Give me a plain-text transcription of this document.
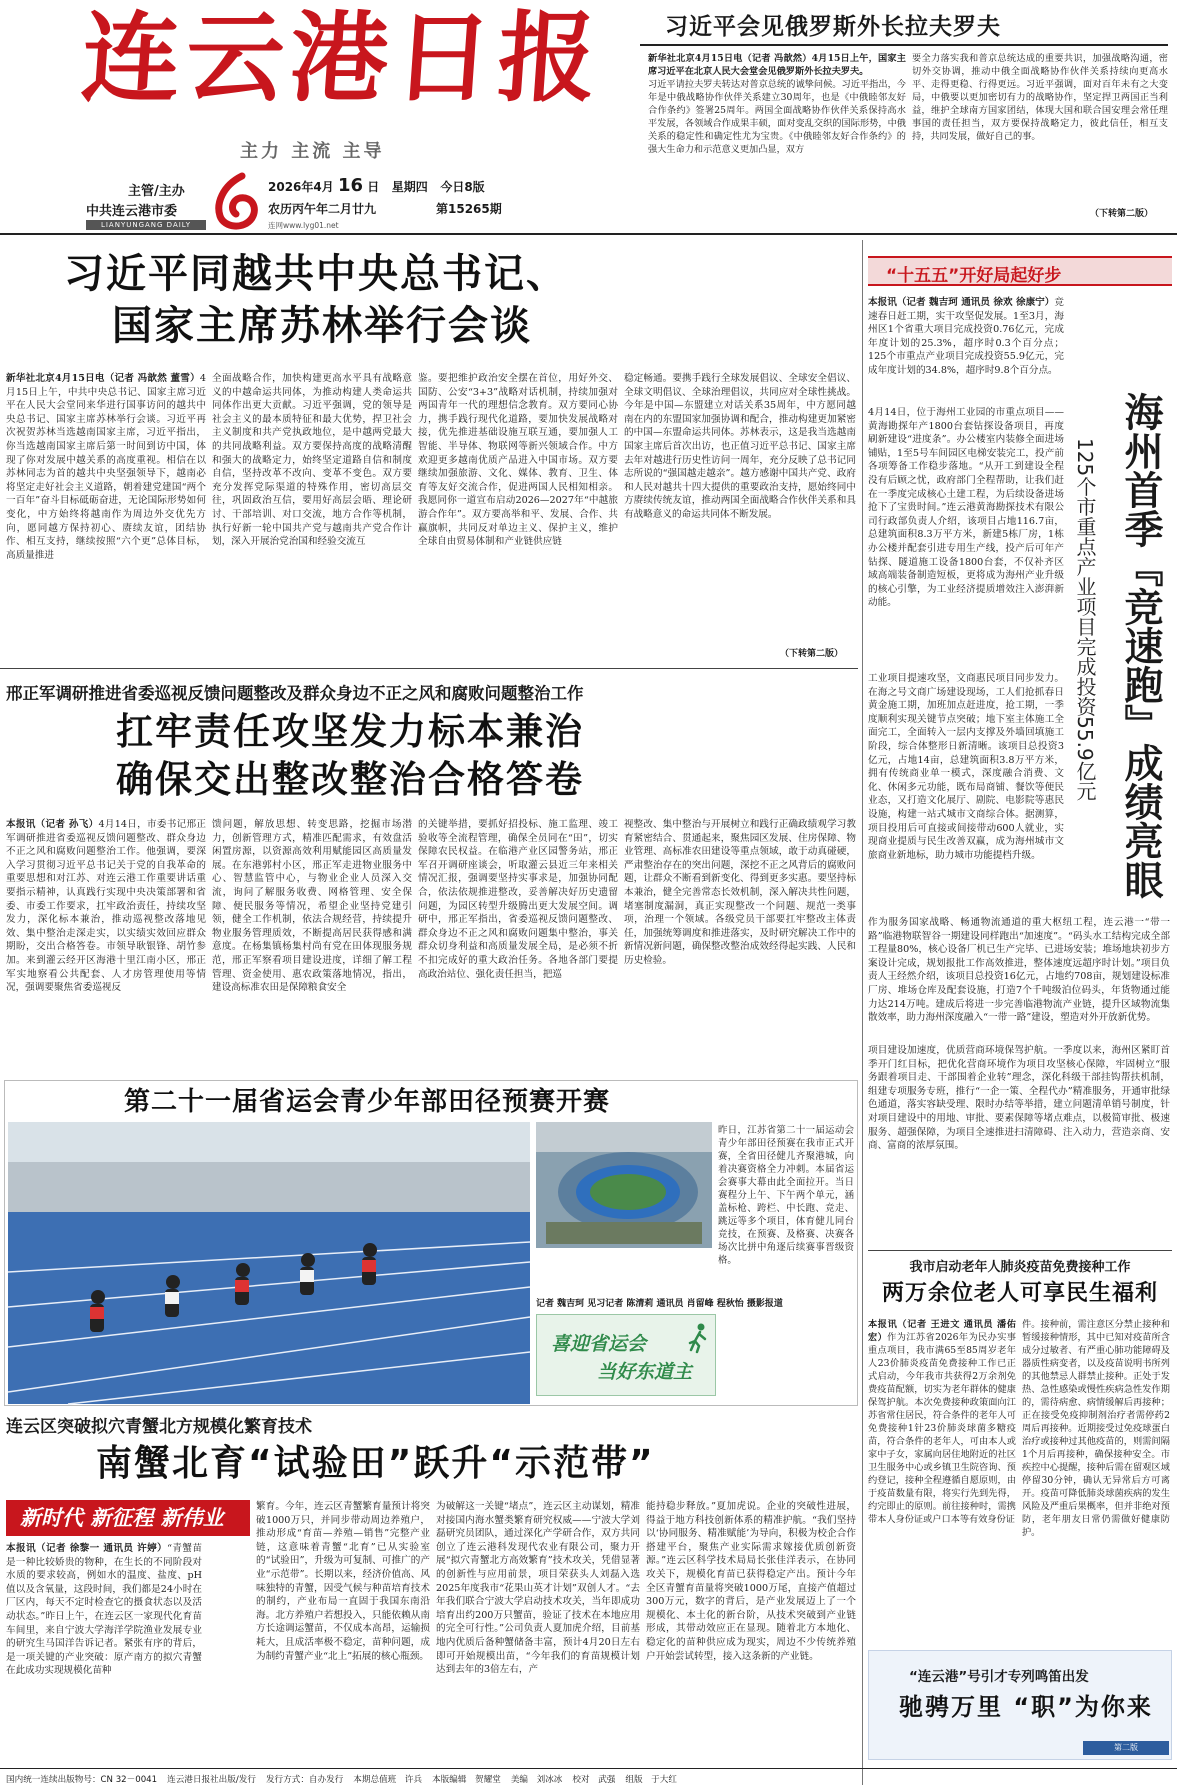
连云港日报
主力 主流 主导
主管/主办
中共连云港市委
LIANYUNGANG DAILY
2026年4月 16 日 星期四 今日8版
农历丙午年二月廿九	第15265期
连网www.lyg01.net
习近平会见俄罗斯外长拉夫罗夫
新华社北京4月15日电（记者 冯歆然）4月15日上午，国家主席习近平在北京人民大会堂会见俄罗斯外长拉夫罗夫。
习近平请拉夫罗夫转达对普京总统的诚挚问候。习近平指出，今年是中俄战略协作伙伴关系建立30周年，也是《中俄睦邻友好合作条约》签署25周年。两国全面战略协作伙伴关系保持高水平发展，各领域合作成果丰硕，面对变乱交织的国际形势，中俄关系的稳定性和确定性尤为宝贵。《中俄睦邻友好合作条约》的强大生命力和示范意义更加凸显，双方
要全力落实我和普京总统达成的重要共识，加强战略沟通，密切外交协调，推动中俄全面战略协作伙伴关系持续向更高水平、走得更稳、行得更远。习近平强调，面对百年未有之大变局，中俄要以更加密切有力的战略协作，坚定捍卫两国正当利益，维护全球南方国家团结，体现大国和联合国安理会常任理事国的责任担当，双方要保持战略定力，彼此信任，相互支持，共同发展，做好自己的事。
（下转第二版）
习近平同越共中央总书记、
国家主席苏林举行会谈
新华社北京4月15日电（记者 冯歆然 董雪）4月15日上午，中共中央总书记、国家主席习近平在人民大会堂同来华进行国事访问的越共中央总书记、国家主席苏林举行会谈。习近平再次祝贺苏林当选越南国家主席，习近平指出，你当选越南国家主席后第一时间到访中国，体现了你对发展中越关系的高度重视。相信在以苏林同志为首的越共中央坚强领导下，越南必将坚定走好社会主义道路，朝着建党建国“两个一百年”奋斗目标砥砺奋进，无论国际形势如何变化，中方始终将越南作为周边外交优先方向，愿同越方保持初心、赓续友谊，团结协作、相互支持，继续按照“六个更”总体目标，高质量推进
全面战略合作，加快构建更高水平具有战略意义的中越命运共同体，为推动构建人类命运共同体作出更大贡献。习近平强调，党的领导是社会主义的最本质特征和最大优势，捍卫社会主义制度和共产党执政地位，是中越两党最大的共同战略利益。双方要保持高度的战略清醒和强大的战略定力，始终坚定道路自信和制度自信，坚持改革不改向、变革不变色。双方要充分发挥党际渠道的特殊作用，密切高层交往，巩固政治互信，要用好高层会晤、理论研讨、干部培训、对口交流，地方合作等机制，执行好新一轮中国共产党与越南共产党合作计划，深入开展治党治国和经验交流互
鉴。要把维护政治安全摆在首位，用好外交、国防、公安“3+3”战略对话机制，持续加强对两国青年一代的理想信念教育。双方要同心协力，携手践行现代化道路，要加快发展战略对接，优先推进基础设施互联互通，要加强人工智能、半导体、物联网等新兴领域合作。中方欢迎更多越南优质产品进入中国市场。双方要继续加强旅游、文化、媒体、教育、卫生、体育等友好交流合作，促进两国人民相知相亲。我愿同你一道宣布启动2026—2027年“中越旅游合作年”。双方要高举和平、发展、合作、共赢旗帜，共同反对单边主义、保护主义，维护全球自由贸易体制和产业链供应链
稳定畅通。要携手践行全球发展倡议、全球安全倡议、全球文明倡议、全球治理倡议，共同应对全球性挑战。今年是中国—东盟建立对话关系35周年，中方愿同越南在内的东盟国家加强协调和配合，推动构建更加紧密的中国—东盟命运共同体。苏林表示，这是我当选越南国家主席后首次出访，也正值习近平总书记、国家主席去年对越进行历史性访问一周年，充分反映了总书记同志所说的“强国越走越亲”。越方感谢中国共产党、政府和人民对越共十四大提供的重要政治支持，愿始终同中方赓续传统友谊，推动两国全面战略合作伙伴关系和具有战略意义的命运共同体不断发展。
（下转第二版）
邢正军调研推进省委巡视反馈问题整改及群众身边不正之风和腐败问题整治工作
扛牢责任攻坚发力标本兼治
确保交出整改整治合格答卷
本报讯（记者 孙飞）4月14日，市委书记邢正军调研推进省委巡视反馈问题整改、群众身边不正之风和腐败问题整治工作。他强调，要深入学习贯彻习近平总书记关于党的自我革命的重要思想和对江苏、对连云港工作重要讲话重要指示精神，认真践行实现中央决策部署和省委、市委工作要求，扛牢政治责任，持续攻坚发力，深化标本兼治，推动巡视整改落地见效、集中整治走深走实，以实绩实效回应群众期盼，交出合格答卷。市领导耿银锋、胡竹参加。来到灌云经开区海港十里江南小区，邢正军实地察看公共配套、人才房管理使用等情况，强调要聚焦省委巡视反
馈问题，解放思想、转变思路，挖掘市场潜力，创新管理方式，精准匹配需求，有效盘活闲置房源，以资源高效利用赋能园区高质量发展。在东港郭村小区，邢正军走进物业服务中心、智慧监管中心，与物业企业人员深入交流，询问了解服务收费、网格管理、安全保障、便民服务等情况，希望企业坚持党建引领，健全工作机制，依法合规经营，持续提升物业服务管理质效，不断提高居民获得感和满意度。在杨集镇杨集村尚有党在田体现服务规范，邢正军察看项目建设进度，详细了解工程管理、资金使用、惠农政策落地情况，指出，建设高标准农田是保障粮食安全
的关键举措，要抓好招投标、施工监理、竣工验收等全流程管理，确保全员同在“田”，切实保障农民权益。在临港产业区园警务站，邢正军召开调研座谈会，听取灌云县近三年来相关情况汇报，强调要坚持实事求是，加强协同配合，依法依规推进整改，妥善解决好历史遗留问题，为园区转型升级腾出更大发展空间。调研中，邢正军指出，省委巡视反馈问题整改、群众身边不正之风和腐败问题集中整治，事关群众切身利益和高质量发展全局，是必须不折不扣完成好的重大政治任务。各地各部门要提高政治站位、强化责任担当，把巡
视整改、集中整治与开展树立和践行正确政绩观学习教育紧密结合、贯通起来，聚焦园区发展、住房保障、物业管理、高标准农田建设等重点领域，敢于动真碰硬，严肃整治存在的突出问题，深挖不正之风背后的腐败问题，让群众不断看到新变化、得到更多实惠。要坚持标本兼治，健全完善常态长效机制，深入解决共性问题，堵塞制度漏洞，真正实现整改一个问题、规范一类事项，治理一个领域。各级党员干部要扛牢整改主体责任，加强统筹调度和推进落实，及时研究解决工作中的新情况新问题，确保整改整治成效经得起实践、人民和历史检验。
第二十一届省运会青少年部田径预赛开赛
昨日，江苏省第二十一届运动会青少年部田径预赛在我市正式开赛，全省田径健儿齐聚港城，向着决赛资格全力冲刺。本届省运会赛事大幕由此全面拉开。当日赛程分上午、下午两个单元，涵盖标枪、跨栏、中长跑、竞走、跳远等多个项目，体育健儿同台竞技，在预赛、及格赛、决赛各场次比拼中角逐后续赛事晋级资格。
记者 魏吉珂 见习记者 陈清莉 通讯员 肖留峰 程秋怡 摄影报道
喜迎省运会
当好东道主
连云区突破拟穴青蟹北方规模化繁育技术
南蟹北育“试验田”跃升“示范带”
新时代 新征程 新伟业
本报讯（记者 徐黎一 通讯员 许婷）“青蟹苗是一种比较娇贵的物种，在生长的不同阶段对水质的要求较高，例如水的温度、盐度、pH值以及含氧量，这段时间，我们都是24小时在厂区内，每天不定时检查它的摄食状态以及活动状态。”昨日上午，在连云区一家现代化育苗车间里，来自宁波大学海洋学院渔业发展专业的研究生马国洋告诉记者。紧张有序的背后，是一项关键的产业突破：原产南方的拟穴青蟹在此成功实现规模化苗种
繁育。今年，连云区青蟹繁育量预计将突破1000万只，并同步带动周边养殖户，推动形成“育苗—养殖—销售”完整产业链，这意味着青蟹“北育”已从实验室的“试验田”，升级为可复制、可推广的产业“示范带”。长期以来，经济价值高、风味独特的青蟹，因受气候与种苗培育技术的制约，产业布局一直固于我国东南沿海。北方养殖户若想投入，只能依赖从南方长途调运蟹苗，不仅成本高昂，运输损耗大，且成活率极不稳定，苗种问题，成为制约青蟹产业“北上”拓展的核心瓶颈。
为破解这一关键“堵点”，连云区主动谋划，精准对接国内海水蟹类繁育研究权威——宁波大学刘磊研究员团队，通过深化产学研合作，双方共同创立了连云港科发现代农业有限公司，聚力开展“拟穴青蟹北方高效繁育”技术攻关，凭借显著的创新性与应用前景，项目荣获头人刘磊入选2025年度我市“花果山英才计划”双创人才。“去年我们联合宁波大学启动技术攻关，当年即成功培育出约200万只蟹苗，验证了技术在本地应用的完全可行性。”公司负责人夏加虎介绍，目前基地内优质后备种蟹储备丰富，预计4月20日左右即可开始规模出苗，“今年我们的育苗规模计划达到去年的3倍左右，产
能持稳步释放。”夏加虎说。企业的突破性进展，得益于地方科技创新体系的精准护航。“我们坚持以‘协同服务、精准赋能’为导向，积极为校企合作搭建平台，聚焦产业实际需求嫁接优质创新资源。”连云区科学技术局局长张佳洋表示，在协同攻关下，规模化育苗已获得稳定产出。预计今年全区青蟹育苗量将突破1000万尾，直接产值超过300万元，数字的背后，是产业发展迈上了一个规模化、本土化的新台阶，从技术突破到产业链形成，其带动效应正在显现。随着北方本地化、稳定化的苗种供应成为现实，周边不少传统养殖户开始尝试转型，接入这条新的产业链。
“十五五”开好局起好步
本报讯（记者 魏吉珂 通讯员 徐欢 徐康宁）竞速春日赶工期，实干攻坚促发展。1至3月，海州区1个省重大项目完成投资0.76亿元，完成年度计划的25.3%，超序时0.3个百分点；125个市重点产业项目完成投资55.9亿元，完成年度计划的34.8%，超序时9.8个百分点。
海州首季『竞速跑』成绩亮眼
125个市重点产业项目完成投资55.9亿元
4月14日，位于海州工业园的市重点项目——黄海勘探年产1800台套钻探设备项目，再度刷新建设“进度条”。办公楼室内装修全面进场铺贴，1至5号车间园区电梯安装完工，投产前各项筹备工作稳步落地。“从开工到建设全程没有后顾之忧，政府部门全程帮助，让我们赶在一季度完成核心土建工程，为后续设备进场抢下了宝贵时间。”连云港黄海勘探技术有限公司行政部负责人介绍，该项目占地116.7亩，总建筑面积8.3万平方米，新建5栋厂房，1栋办公楼并配套引进专用生产线，投产后可年产钻探、隧道施工设备1800台套，不仅补齐区域高端装备制造短板，更将成为海州产业升级的核心引擎，为工业经济提质增效注入澎湃新动能。
工业项目提速攻坚，文商惠民项目同步发力。在海之号文商广场建设现场，工人们抢抓春日黄金施工期，加班加点赶进度，抢工期，一季度顺利实现关键节点突破；地下室主体施工全面完工，全面转入一层内支撑及外墙回填施工阶段，综合体整形日新清晰。该项目总投资3亿元，占地14亩，总建筑面积3.8万平方米，拥有传统商业单一模式，深度融合消费、文化、休闲多元功能，既布局商铺、餐饮等便民业态，又打造文化展厅、剧院、电影院等惠民设施，构建一站式城市文商综合体。据测算，项目投用后可直接或间接带动600人就业，实现商业提质与民生改善双赢，成为海州城市文旅商业新地标，助力城市功能提档升级。
作为服务国家战略、畅通物流通道的重大枢纽工程，连云港一“带一路”临港物联智谷一期建设同样跑出“加速度”。“码头水工结构完成全部工程量80%，核心设备厂机已生产完毕、已进场安装；堆场地块初步方案设计完成，规划报批工作高效推进，整体速度远超序时计划。”项目负责人王经然介绍，该项目总投资16亿元，占地约708亩，规划建设标准厂房、堆场仓库及配套设施，打造7个千吨级泊位码头，年货物通过能力达214万吨。建成后将进一步完善临港物流产业链，提升区域物流集散效率，助力海州深度融入“一带一路”建设，塑造对外开放新优势。
项目建设加速度，优质营商环境保驾护航。一季度以来，海州区紧盯首季开门红目标，把优化营商环境作为项目攻坚核心保障，牢固树立“服务跟着项目走、干部围着企业转”理念，深化科级干部挂钩帮扶机制，组建专项服务专班，推行“一企一策、全程代办”精准服务，开通审批绿色通道，落实容缺受理、限时办结等举措，建立问题清单销号制度，针对项目建设中的用地、审批、要素保障等堵点难点，以极简审批、极速服务、超强保障，为项目全速推进扫清障碍、注入动力，营造亲商、安商、富商的浓厚氛围。
我市启动老年人肺炎疫苗免费接种工作
两万余位老人可享民生福利
本报讯（记者 王进文 通讯员 潘佑宏）作为江苏省2026年为民办实事重点项目，我市满65至85周岁老年人23价肺炎疫苗免费接种工作已正式启动，今年我市共获得2万余剂免费疫苗配额，切实为老年群体的健康保驾护航。本次免费接种政策面向江苏省常住居民，符合条件的老年人可免费接种1针23价肺炎球菌多糖疫苗，符合条件的老年人，可由本人或家中子女，家属向居住地附近的社区卫生服务中心或乡镇卫生院咨询、预约登记，接种全程遵循自愿原则，由于疫苗数量有限，将实行先到先得，约完即止的原则。前往接种时，需携带本人身份证或户口本等有效身份证
件。接种前，需注意区分禁止接种和暂缓接种情形，其中已知对疫苗所含成分过敏者、有严重心肺功能障碍及器质性病变者，以及疫苗说明书所列的其他禁忌人群禁止接种。正处于发热、急性感染或慢性疾病急性发作期的，需待病愈、病情缓解后再接种；正在接受免疫抑制剂治疗者需停药2周后再接种。近期接受过免疫球蛋白治疗或接种过其他疫苗的，则需间隔1个月后再接种，确保接种安全。市疾控中心提醒，接种后需在留观区域停留30分钟，确认无异常后方可离开。疫苗可降低肺炎球菌疾病的发生风险及严重后果概率，但并非绝对预防，老年朋友日常仍需做好健康防护。
“连云港”号引才专列鸣笛出发
驰骋万里 “职”为你来
第二版
国内统一连续出版物号：CN 32－0041 连云港日报社出版/发行 发行方式：自办发行 本期总值班　许兵 本版编辑　贺耀堂 美编　刘冰冰 校对　武强 组版　于大红
